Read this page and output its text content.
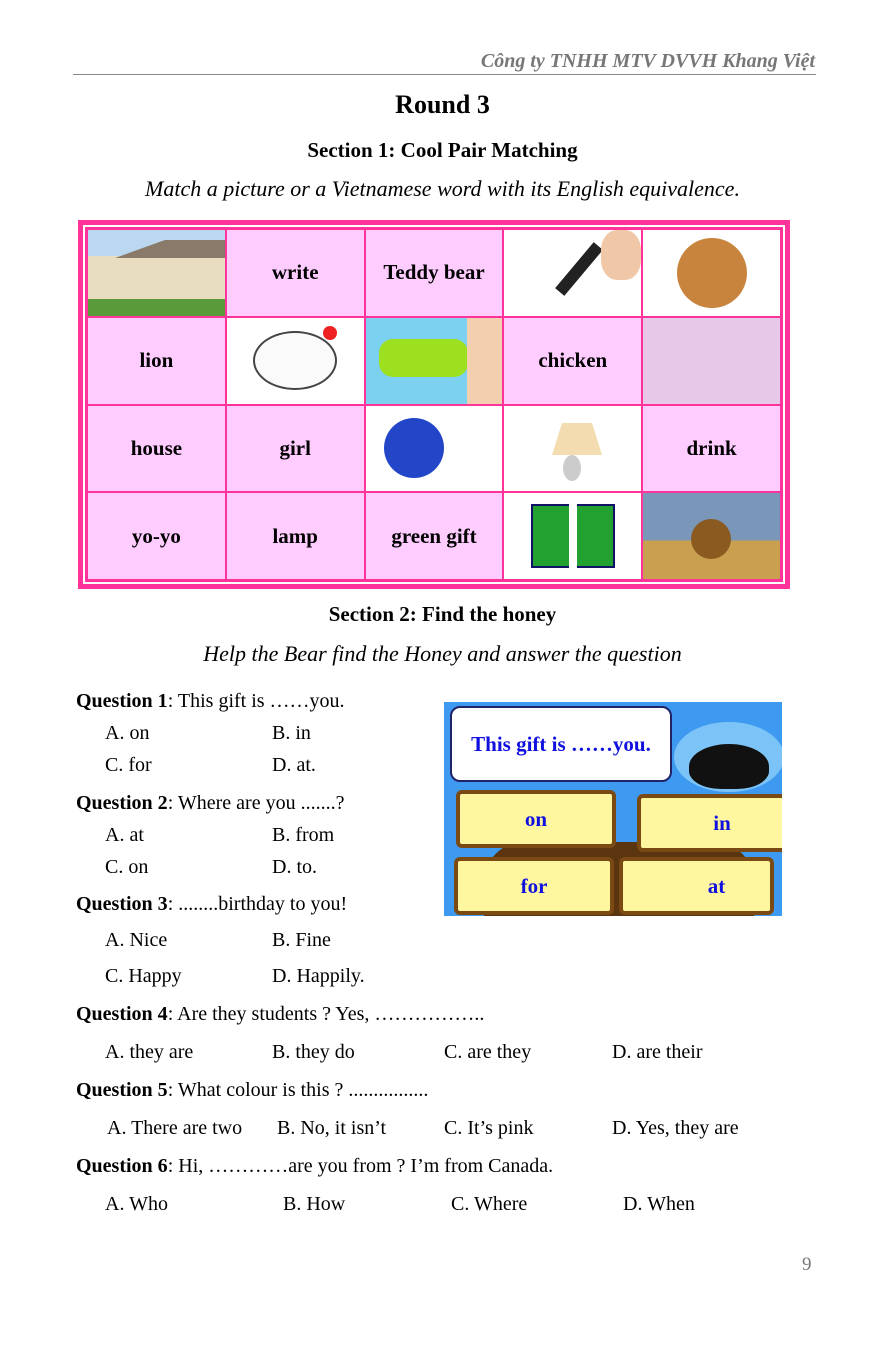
Công ty TNHH MTV DVVH Khang Việt
Round 3
Section 1: Cool Pair Matching
Match a picture or a Vietnamese word with its English equivalence.
write	Teddy bear
lion	chicken
house	girl	drink
yo-yo	lamp	green gift
Section 2: Find the honey
Help the Bear find the Honey and answer the question
This gift is ……you.
on	in
for	at
Question 1: This gift is ……you.
A. on	B. in
C. for	D. at.
Question 2: Where are you .......?
A. at	B. from
C. on	D. to.
Question 3: ........birthday to you!
A. Nice	B. Fine
C. Happy	D. Happily.
Question 4: Are they students ? Yes, ……………..
A. they are	B. they do	C. are they	D. are their
Question 5: What colour is this ? ................
A. There are two B. No, it isn’t	C. It’s pink	D. Yes, they are
Question 6: Hi, …………are you from ? I’m from Canada.
A. Who	B. How	C. Where	D. When
9
